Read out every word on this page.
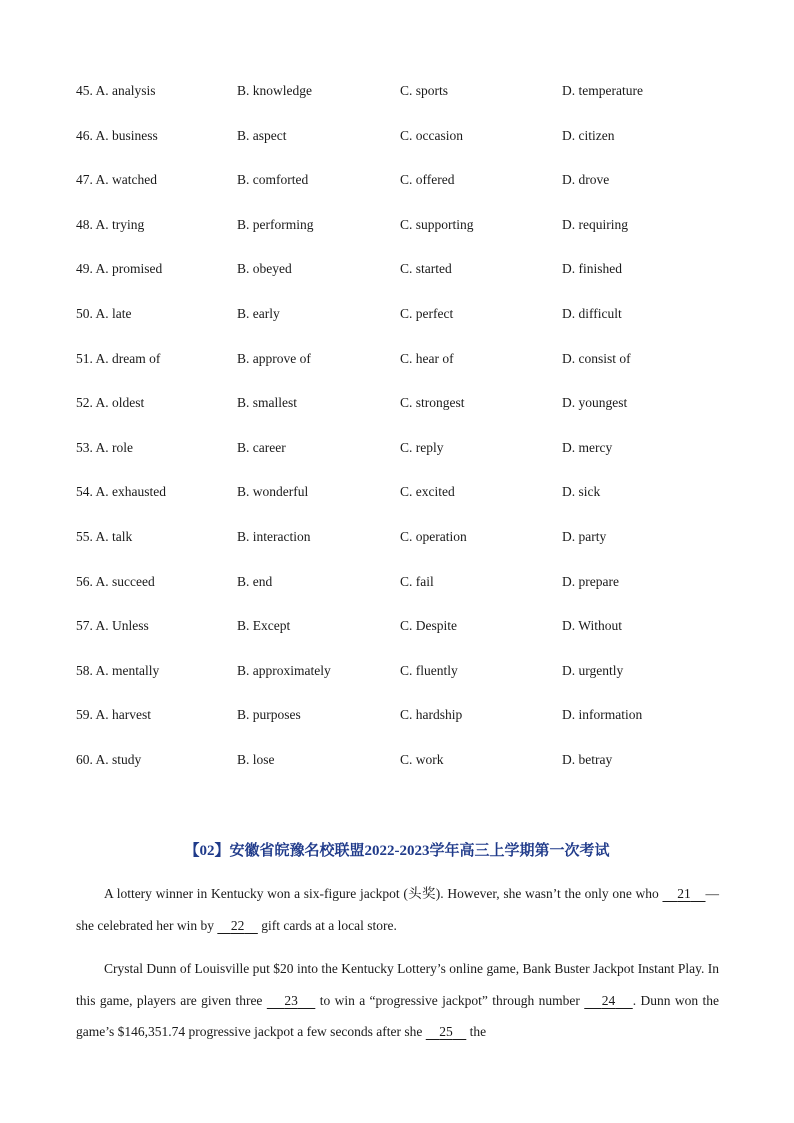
45. A. analysis	B. knowledge	C. sports	D. temperature
46. A. business	B. aspect	C. occasion	D. citizen
47. A. watched	B. comforted	C. offered	D. drove
48. A. trying	B. performing	C. supporting	D. requiring
49. A. promised	B. obeyed	C. started	D. finished
50. A. late	B. early	C. perfect	D. difficult
51. A. dream of	B. approve of	C. hear of	D. consist of
52. A. oldest	B. smallest	C. strongest	D. youngest
53. A. role	B. career	C. reply	D. mercy
54. A. exhausted	B. wonderful	C. excited	D. sick
55. A. talk	B. interaction	C. operation	D. party
56. A. succeed	B. end	C. fail	D. prepare
57. A. Unless	B. Except	C. Despite	D. Without
58. A. mentally	B. approximately	C. fluently	D. urgently
59. A. harvest	B. purposes	C. hardship	D. information
60. A. study	B. lose	C. work	D. betray
【02】安徽省皖豫名校联盟2022-2023学年高三上学期第一次考试
A lottery winner in Kentucky won a six-figure jackpot (头奖). However, she wasn’t the only one who     21 —she celebrated her win by     22     gift cards at a local store.
Crystal Dunn of Louisville put $20 into the Kentucky Lottery’s online game, Bank Buster Jackpot Instant Play. In this game, players are given three     23     to win a “progressive jackpot” through number     24 . Dunn won the game’s $146,351.74 progressive jackpot a few seconds after she     25     the
